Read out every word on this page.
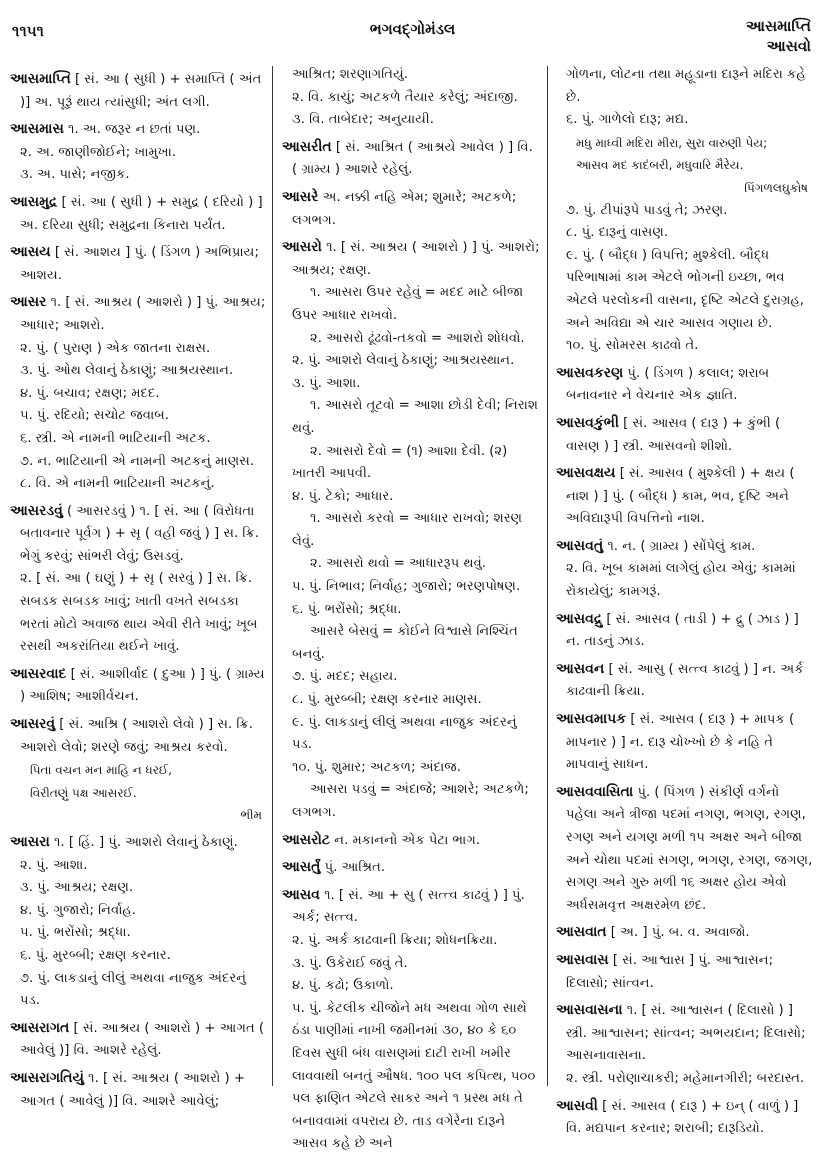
૧૧૫૧	ભગવદ્ગોમંડલ	આસમાપ્તિ
આસવો

આસમાપ્તિ [ સં. આ ( સુધી ) + સમાપ્તિ ( અંત )] અ. પૂરૂં થાય ત્યાંસુધી; અંત લગી.

આસમાસ ૧. અ. જરૂર ન છતાં પણ.

૨. અ. જાણીજોઈને; ખામુખા.

૩. અ. પાસે; નજીક.

આસમુદ્ર [ સં. આ ( સુધી ) + સમુદ્ર ( દરિયો ) ] અ. દરિયા સુધી; સમુદ્રના કિનારા પર્યંત.

આસય [ સં. આશય ] પું. ( ડિંગળ ) અભિપ્રાય; આશય.

આસર ૧. [ સં. આશ્રય ( આશરો ) ] પું. આશ્રય; આધાર; આશરો.

૨. પું. ( પુરાણ ) એક જાતના રાક્ષસ.

૩. પું. ઓથ લેવાનું ઠેકાણું; આશ્રયસ્થાન.

૪. પું. બચાવ; રક્ષણ; મદદ.

૫. પું. રદિયો; સચોટ જવાબ.

૬. સ્ત્રી. એ નામની ભાટિયાની અટક.

૭. ન. ભાટિયાની એ નામની અટકનું માણસ.

૮. વિ. એ નામની ભાટિયાની અટકનું.

આસરડવું ( આસરડવું ) ૧. [ સં. આ ( વિરોધતા બતાવનાર પૂર્વગ ) + સૃ ( વહી જવું ) ] સ. ક્રિ. ભેગું કરવું; સાંભરી લેવું; ઉસડવું.

૨. [ સં. આ ( ઘણું ) + સૃ ( સરવું ) ] સ. ક્રિ. સબડક સબડક ખાવું; ખાતી વખતે સબડકા ભરતાં મોટો અવાજ થાય એવી રીતે ખાવું; ખૂબ રસથી અકરાંતિયા થઈને ખાવું.

આસરવાદ [ સં. આશીર્વાદ ( દુઆ ) ] પું. ( ગ્રામ્ય ) આશિષ; આશીર્વચન.

આસરવું [ સં. આશ્રિ ( આશરો લેવો ) ] સ. ક્રિ. આશરો લેવો; શરણે જવું; આશ્રય કરવો.

પિતા વચન મન માહિ ન ધરઈ,

વિરીતણું પક્ષ આસરઈ.

ભીમ

આસરા ૧. [ હિં. ] પું. આશરો લેવાનું ઠેકાણું.

૨. પું. આશા.

૩. પું. આશ્રય; રક્ષણ.

૪. પું. ગુજારો; નિર્વાહ.

૫. પું. ભરોંસો; શ્રદ્ધા.

૬. પું. મુરબ્બી; રક્ષણ કરનાર.

૭. પું. લાકડાનું લીલું અથવા નાજુક અંદરનું પડ.

આસરાગત [ સં. આશ્રય ( આશરો ) + આગત ( આવેલું )] વિ. આશરે રહેલું.

આસરાગતિયું ૧. [ સં. આશ્રય ( આશરો ) + આગત ( આવેલું )] વિ. આશરે આવેલું;

આશ્રિત; શરણાગતિયું.

૨. વિ. કાચું; અટકળે તૈયાર કરેલું; અંદાજી.

૩. વિ. તાબેદાર; અનુયાયી.

આસરીત [ સં. આશ્રિત ( આશ્રયે આવેલ ) ] વિ. ( ગ્રામ્ય ) આશરે રહેલું.

આસરે અ. નક્કી નહિ એમ; શુમારે; અટકળે; લગભગ.

આસરો ૧. [ સં. આશ્રય ( આશરો ) ] પું. આશરો; આશ્રય; રક્ષણ.

૧. આસરા ઉપર રહેવું = મદદ માટે બીજા ઉપર આધાર રાખવો.

૨. આસરો ઢૂંઢવો-તકવો = આશરો શોધવો.

૨. પું. આશરો લેવાનું ઠેકાણું; આશ્રયસ્થાન.

૩. પું. આશા.

૧. આસરો તૂટવો = આશા છોડી દેવી; નિરાશ થવું.

૨. આસરો દેવો = (૧) આશા દેવી. (૨) ખાતરી આપવી.

૪. પું. ટેકો; આધાર.

૧. આસરો કરવો = આધાર રાખવો; શરણ લેવું.

૨. આસરો થવો = આધારરૂપ થવું.

૫. પું. નિભાવ; નિર્વાહ; ગુજારો; ભરણપોષણ.

૬. પું. ભરોંસો; શ્રદ્ધા.

આસરે બેસવું = કોઈને વિશ્વાસે નિશ્ચિંત બનવું.

૭. પું. મદદ; સહાય.

૮. પું. મુરબ્બી; રક્ષણ કરનાર માણસ.

૯. પું. લાકડાનું લીલું અથવા નાજુક અંદરનું પડ.

૧૦. પું. શુમાર; અટકળ; અંદાજ.

આસરા પડવું = અંદાજે; આશરે; અટકળે; લગભગ.

આસરોટ ન. મકાનનો એક પેટા ભાગ.

આસર્તું પું. આશ્રિત.

આસવ ૧. [ સં. આ + સુ ( સત્ત્વ કાઢવું ) ] પું. અર્ક; સત્ત્વ.

૨. પું. અર્ક કાઢવાની ક્રિયા; શોધનક્રિયા.

૩. પું. ઉકેરાઈ જવું તે.

૪. પું. કઢો; ઉકાળો.

૫. પું. કેટલીક ચીજોને મધ અથવા ગોળ સાથે ઠંડા પાણીમાં નાખી જમીનમાં ૩૦, ૪૦ કે ૬૦ દિવસ સુધી બંધ વાસણમાં દાટી રાખી ખમીર લાવવાથી બનતું ઔષધ. ૧૦૦ પલ કપિત્થ, ૫૦૦ પલ ફાણિત એટલે સાકર અને ૧ પ્રસ્થ મધ તે બનાવવામાં વપરાય છે. તાડ વગેરેના દારૂને આસવ કહે છે અને

ગોળના, લોટના તથા મહૂડાના દારૂને મદિરા કહે છે.

૬. પું. ગાળેલો દારૂ; મદ્ય.

મધુ માધ્વી મદિરા મીરા, સુરા વારુણી પેય;

આસવ મદ કાદંબરી, મધુવારિ મૈરેય.

પિંગળલઘુકોષ

૭. પું. ટીપાંરૂપે પાડવું તે; ઝરણ.

૮. પું. દારૂનું વાસણ.

૯. પું. ( બૌદ્ધ ) વિપત્તિ; મુશ્કેલી. બૌદ્ધ પરિભાષામાં કામ એટલે ભોગની ઇચ્છા, ભવ એટલે પરલોકની વાસના, દૃષ્ટિ એટલે દુરાગ્રહ, અને અવિદ્યા એ ચાર આસવ ગણાય છે.

૧૦. પું. સોમરસ કાઢવો તે.

આસવકરણ પું. ( ડિંગળ ) કલાલ; શરાબ બનાવનાર ને વેચનાર એક જ્ઞાતિ.

આસવકુંભી [ સં. આસવ ( દારૂ ) + કુંભી ( વાસણ ) ] સ્ત્રી. આસવનો શીશો.

આસવક્ષય [ સં. આસવ ( મુશ્કેલી ) + ક્ષય ( નાશ ) ] પું. ( બૌદ્ધ ) કામ, ભવ, દૃષ્ટિ અને અવિદ્યારૂપી વિપત્તિનો નાશ.

આસવતું ૧. ન. ( ગ્રામ્ય ) સોંપેલું કામ.

૨. વિ. ખૂબ કામમાં લાગેલું હોય એવું; કામમાં રોકાયેલું; કામગરૂં.

આસવદ્રુ [ સં. આસવ ( તાડી ) + દ્રુ ( ઝાડ ) ] ન. તાડનું ઝાડ.

આસવન [ સં. આસુ ( સત્ત્વ કાઢવું ) ] ન. અર્ક કાઢવાની ક્રિયા.

આસવમાપક [ સં. આસવ ( દારૂ ) + માપક ( માપનાર ) ] ન. દારૂ ચોખ્ખો છે કે નહિ તે માપવાનું સાધન.

આસવવાસિતા પું. ( પિંગળ ) સંકીર્ણ વર્ગનો પહેલા અને ત્રીજા પદમાં નગણ, ભગણ, રગણ, રગણ અને યગણ મળી ૧૫ અક્ષર અને બીજા અને ચોથા પદમાં સગણ, ભગણ, રગણ, જગણ, સગણ અને ગુરુ મળી ૧૬ અક્ષર હોય એવો અર્ધસમવૃત્ત અક્ષરમેળ છંદ.

આસવાત [ અ. ] પું. બ. વ. અવાજો.

આસવાસ [ સં. આશ્વાસ ] પું. આશ્વાસન; દિલાસો; સાંત્વન.

આસવાસના ૧. [ સં. આશ્વાસન ( દિલાસો ) ] સ્ત્રી. આશ્વાસન; સાંત્વન; અભયદાન; દિલાસો; આસનાવાસના.

૨. સ્ત્રી. પરોણાચાકરી; મહેમાનગીરી; બરદાસ્ત.

આસવી [ સં. આસવ ( દારૂ ) + ઇન્ ( વાળું ) ] વિ. મદ્યપાન કરનાર; શરાબી; દારૂડિયો.
